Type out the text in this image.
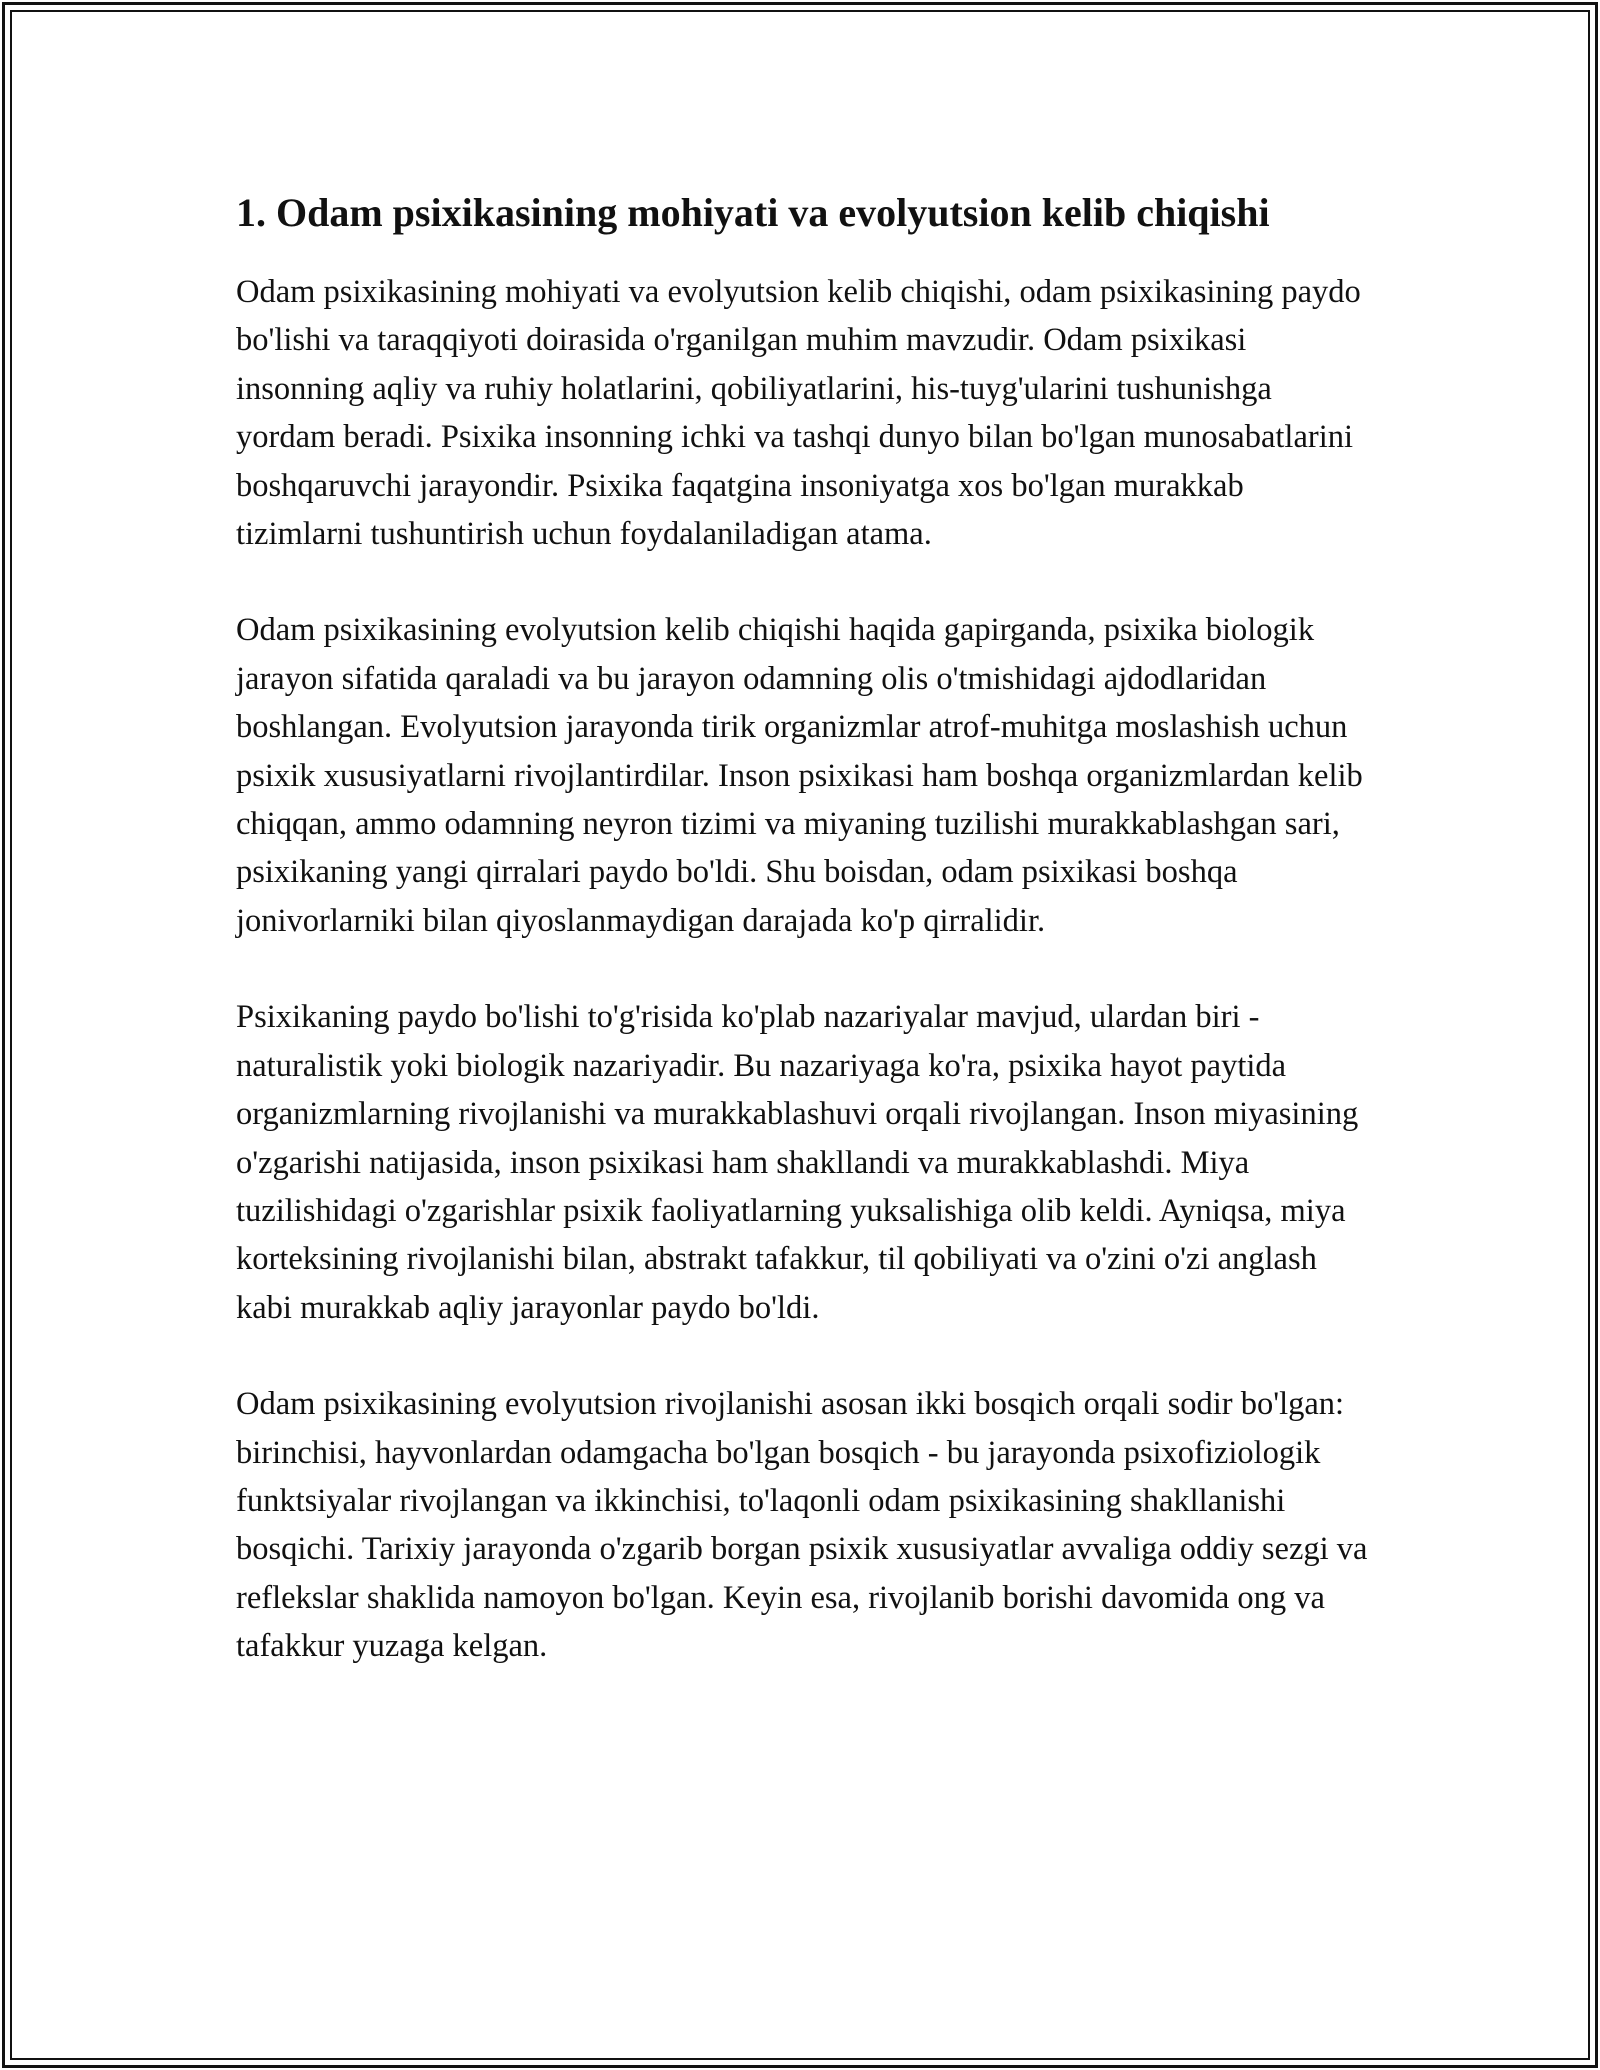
1. Odam psixikasining mohiyati va evolyutsion kelib chiqishi

Odam psixikasining mohiyati va evolyutsion kelib chiqishi, odam psixikasining paydo bo'lishi va taraqqiyoti doirasida o'rganilgan muhim mavzudir. Odam psixikasi insonning aqliy va ruhiy holatlarini, qobiliyatlarini, his-tuyg'ularini tushunishga yordam beradi. Psixika insonning ichki va tashqi dunyo bilan bo'lgan munosabatlarini boshqaruvchi jarayondir. Psixika faqatgina insoniyatga xos bo'lgan murakkab tizimlarni tushuntirish uchun foydalaniladigan atama.

Odam psixikasining evolyutsion kelib chiqishi haqida gapirganda, psixika biologik jarayon sifatida qaraladi va bu jarayon odamning olis o'tmishidagi ajdodlaridan boshlangan. Evolyutsion jarayonda tirik organizmlar atrof-muhitga moslashish uchun psixik xususiyatlarni rivojlantirdilar. Inson psixikasi ham boshqa organizmlardan kelib chiqqan, ammo odamning neyron tizimi va miyaning tuzilishi murakkablashgan sari, psixikaning yangi qirralari paydo bo'ldi. Shu boisdan, odam psixikasi boshqa jonivorlarniki bilan qiyoslanmaydigan darajada ko'p qirralidir.

Psixikaning paydo bo'lishi to'g'risida ko'plab nazariyalar mavjud, ulardan biri - naturalistik yoki biologik nazariyadir. Bu nazariyaga ko'ra, psixika hayot paytida organizmlarning rivojlanishi va murakkablashuvi orqali rivojlangan. Inson miyasining o'zgarishi natijasida, inson psixikasi ham shakllandi va murakkablashdi. Miya tuzilishidagi o'zgarishlar psixik faoliyatlarning yuksalishiga olib keldi. Ayniqsa, miya korteksining rivojlanishi bilan, abstrakt tafakkur, til qobiliyati va o'zini o'zi anglash kabi murakkab aqliy jarayonlar paydo bo'ldi.

Odam psixikasining evolyutsion rivojlanishi asosan ikki bosqich orqali sodir bo'lgan: birinchisi, hayvonlardan odamgacha bo'lgan bosqich - bu jarayonda psixofiziologik funktsiyalar rivojlangan va ikkinchisi, to'laqonli odam psixikasining shakllanishi bosqichi. Tarixiy jarayonda o'zgarib borgan psixik xususiyatlar avvaliga oddiy sezgi va reflekslar shaklida namoyon bo'lgan. Keyin esa, rivojlanib borishi davomida ong va tafakkur yuzaga kelgan.
